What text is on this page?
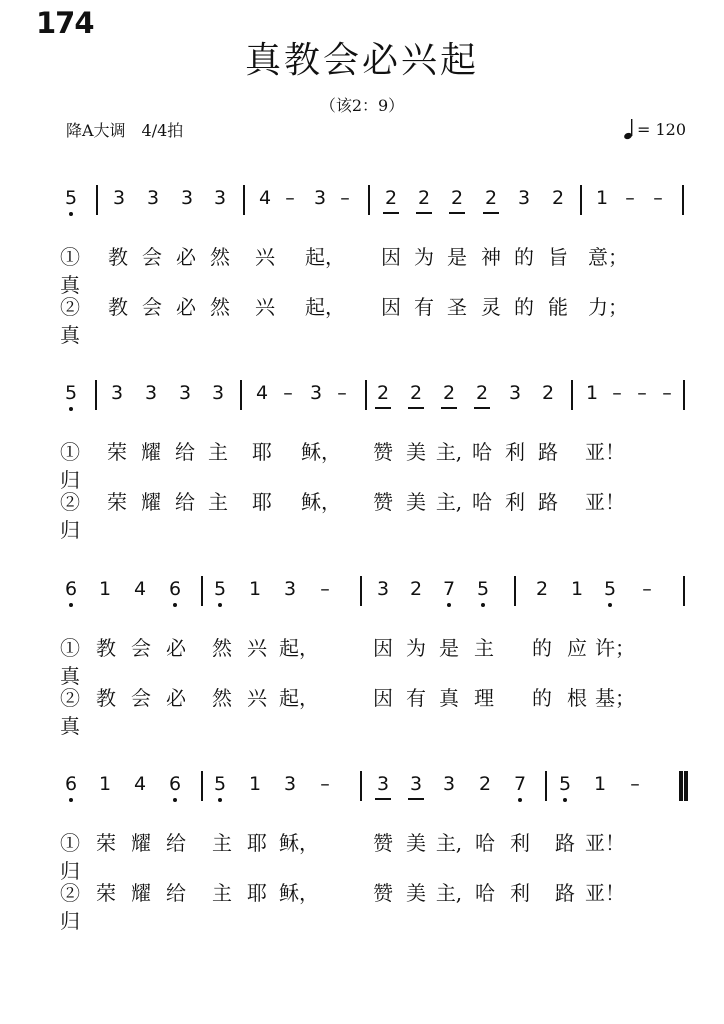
174
真教会必兴起
（该2：9）
降A大调　4/4拍	= 120
5	3	3	3	3	4 –	3 –	2	2	2	2	3	2	1 – –
①真
教 会 必 然 兴 起， 因 为 是 神 的 旨 意；
②真
教 会 必 然 兴 起， 因 有 圣 灵 的 能 力；
5	3	3	3	3	4 – 3 –	2	2	2	2	3	2	1 – – –
①归
荣 耀 给 主 耶 稣， 赞 美 主, 哈 利 路 亚！
②归
荣 耀 给 主 耶 稣， 赞 美 主, 哈 利 路 亚！
6	1	4	6	5	1	3	–	3	2	7	5	2	1	5	–
①真
教 会 必 然 兴 起，	因 为 是 主 的 应 许；
②真
教 会 必 然 兴 起，	因 有 真 理 的 根 基；
6	1	4	6	5	1	3	–	3	3	3	2	7	5	1	–
①归
荣 耀 给 主 耶 稣，	赞 美 主, 哈 利 路 亚！
②归
荣 耀 给 主 耶 稣，	赞 美 主, 哈 利 路 亚！
